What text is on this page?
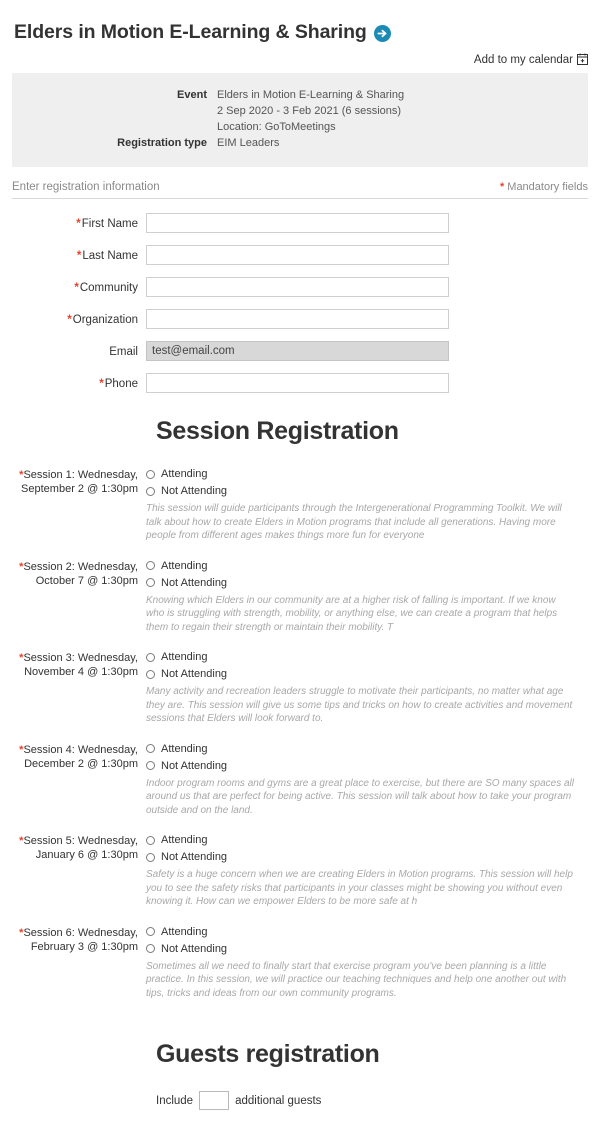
Elders in Motion E-Learning & Sharing
Add to my calendar
Event	Elders in Motion E-Learning & Sharing
2 Sep 2020 - 3 Feb 2021 (6 sessions)
Location: GoToMeetings

Registration type	EIM Leaders
Enter registration information	* Mandatory fields
*First Name
*Last Name
*Community
*Organization
Email
test@email.com
*Phone
Session Registration
*Session 1: Wednesday,
September 2 @ 1:30pm
Attending
Not Attending
This session will guide participants through the Intergenerational Programming Toolkit. We will talk about how to create Elders in Motion programs that include all generations. Having more people from different ages makes things more fun for everyone
*Session 2: Wednesday,
October 7 @ 1:30pm
Attending
Not Attending
Knowing which Elders in our community are at a higher risk of falling is important. If we know who is struggling with strength, mobility, or anything else, we can create a program that helps them to regain their strength or maintain their mobility. T
*Session 3: Wednesday,
November 4 @ 1:30pm
Attending
Not Attending
Many activity and recreation leaders struggle to motivate their participants, no matter what age they are. This session will give us some tips and tricks on how to create activities and movement sessions that Elders will look forward to.
*Session 4: Wednesday,
December 2 @ 1:30pm
Attending
Not Attending
Indoor program rooms and gyms are a great place to exercise, but there are SO many spaces all around us that are perfect for being active. This session will talk about how to take your program outside and on the land.
*Session 5: Wednesday,
January 6 @ 1:30pm
Attending
Not Attending
Safety is a huge concern when we are creating Elders in Motion programs. This session will help you to see the safety risks that participants in your classes might be showing you without even knowing it. How can we empower Elders to be more safe at h
*Session 6: Wednesday,
February 3 @ 1:30pm
Attending
Not Attending
Sometimes all we need to finally start that exercise program you've been planning is a little practice. In this session, we will practice our teaching techniques and help one another out with tips, tricks and ideas from our own community programs.
Guests registration
Include	additional guests
